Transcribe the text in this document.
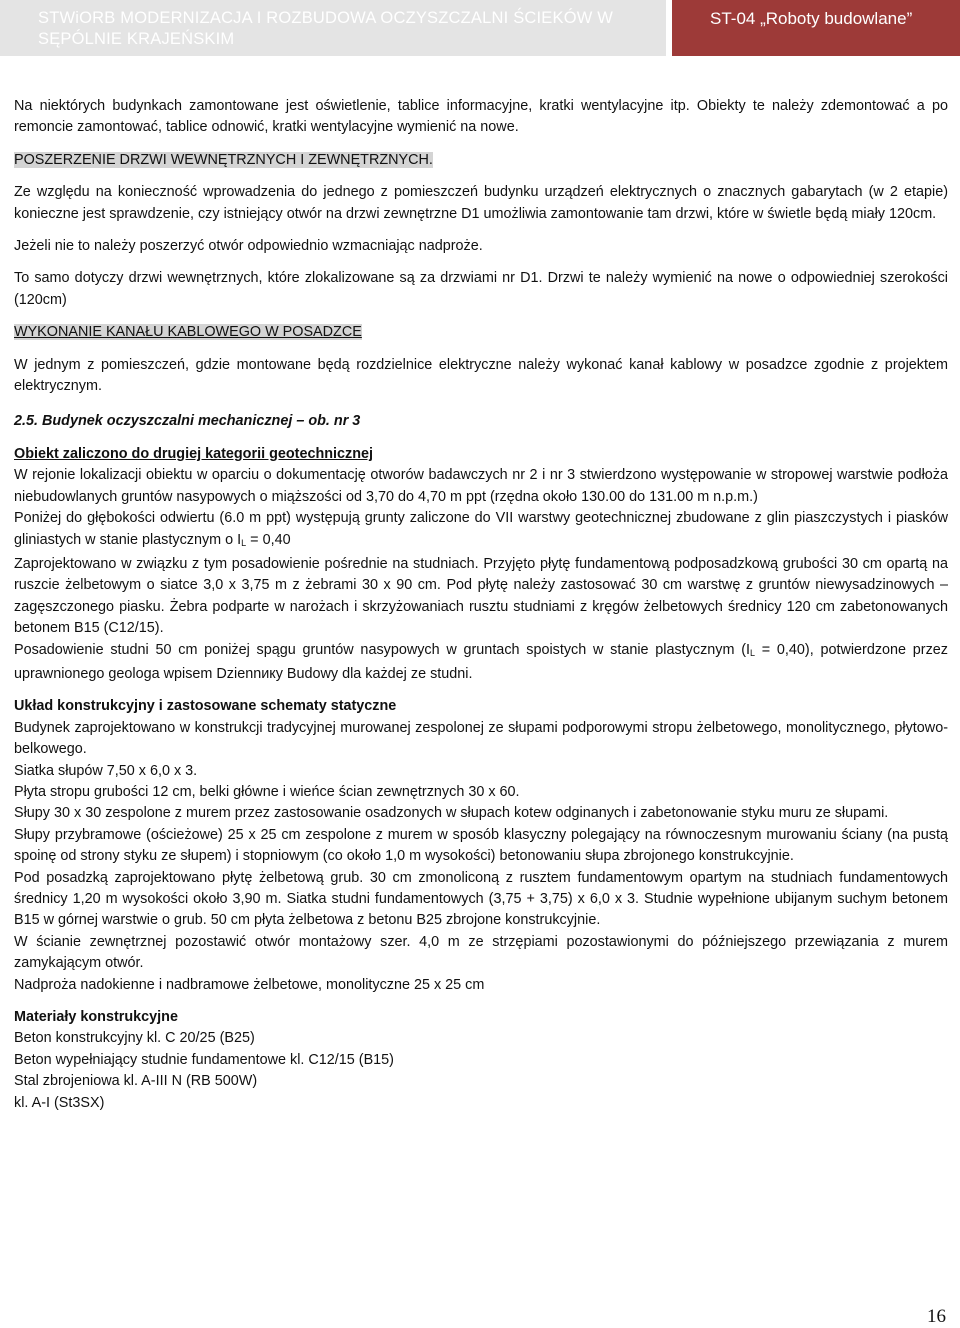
STWiORB MODERNIZACJA I ROZBUDOWA OCZYSZCZALNI ŚCIEKÓW W
SĘPÓLNIE KRAJEŃSKIM
ST-04 „Roboty budowlane”

Na niektórych budynkach zamontowane jest oświetlenie, tablice informacyjne, kratki wentylacyjne itp. Obiekty te należy zdemontować a po remoncie zamontować, tablice odnowić, kratki wentylacyjne wymienić na nowe.

POSZERZENIE DRZWI WEWNĘTRZNYCH I ZEWNĘTRZNYCH.

Ze względu na konieczność wprowadzenia do jednego z pomieszczeń budynku urządzeń elektrycznych o znacznych gabarytach (w 2 etapie) konieczne jest sprawdzenie, czy istniejący otwór na drzwi zewnętrzne D1 umożliwia zamontowanie tam drzwi, które w świetle będą miały 120cm.

Jeżeli nie to należy poszerzyć otwór odpowiednio wzmacniając nadproże.

To samo dotyczy drzwi wewnętrznych, które zlokalizowane są za drzwiami nr D1. Drzwi te należy wymienić na nowe o odpowiedniej szerokości (120cm)

WYKONANIE KANAŁU KABLOWEGO W POSADZCE

W jednym z pomieszczeń, gdzie montowane będą rozdzielnice elektryczne należy wykonać kanał kablowy w posadzce zgodnie z projektem elektrycznym.

2.5. Budynek oczyszczalni mechanicznej – ob. nr 3

Obiekt zaliczono do drugiej kategorii geotechnicznej

W rejonie lokalizacji obiektu w oparciu o dokumentację otworów badawczych nr 2 i nr 3 stwierdzono występowanie w stropowej warstwie podłoża niebudowlanych gruntów nasypowych o miąższości od 3,70 do 4,70 m ppt (rzędna około 130.00 do 131.00 m n.p.m.)

Poniżej do głębokości odwiertu (6.0 m ppt) występują grunty zaliczone do VII warstwy geotechnicznej zbudowane z glin piaszczystych i piasków gliniastych w stanie plastycznym o $I_L = 0,40$

Zaprojektowano w związku z tym posadowienie pośrednie na studniach. Przyjęto płytę fundamentową podposadzkową grubości 30 cm opartą na ruszcie żelbetowym o siatce 3,0 x 3,75 m z żebrami 30 x 90 cm. Pod płytę należy zastosować 30 cm warstwę z gruntów niewysadzinowych – zagęszczonego piasku. Żebra podparte w narożach i skrzyżowaniach rusztu studniami z kręgów żelbetowych średnicy 120 cm zabetonowanych betonem B15 (C12/15).

Posadowienie studni 50 cm poniżej spągu gruntów nasypowych w gruntach spoistych w stanie plastycznym $(I_L = 0,40)$, potwierdzone przez uprawnionego geologa wpisem Dziennику Budowy dla każdej ze studni.

Układ konstrukcyjny i zastosowane schematy statyczne

Budynek zaprojektowano w konstrukcji tradycyjnej murowanej zespolonej ze słupami podporowymi stropu żelbetowego, monolitycznego, płytowo-belkowego.

Siatka słupów 7,50 x 6,0 x 3.

Płyta stropu grubości 12 cm, belki główne i wieńce ścian zewnętrznych 30 x 60.

Słupy 30 x 30 zespolone z murem przez zastosowanie osadzonych w słupach kotew odginanych i zabetonowanie styku muru ze słupami.

Słupy przybramowe (ościeżowe) 25 x 25 cm zespolone z murem w sposób klasyczny polegający na równoczesnym murowaniu ściany (na pustą spoinę od strony styku ze słupem) i stopniowym (co około 1,0 m wysokości) betonowaniu słupa zbrojonego konstrukcyjnie.

Pod posadzką zaprojektowano płytę żelbetową grub. 30 cm zmonoliconą z rusztem fundamentowym opartym na studniach fundamentowych średnicy 1,20 m wysokości około 3,90 m. Siatka studni fundamentowych (3,75 + 3,75) x 6,0 x 3. Studnie wypełnione ubijanym suchym betonem B15 w górnej warstwie o grub. 50 cm płyta żelbetowa z betonu B25 zbrojone konstrukcyjnie.

W ścianie zewnętrznej pozostawić otwór montażowy szer. 4,0 m ze strzępiami pozostawionymi do późniejszego przewiązania z murem zamykającym otwór.

Nadproża nadokienne i nadbramowe żelbetowe, monolityczne 25 x 25 cm

Materiały konstrukcyjne

Beton konstrukcyjny kl. C 20/25 (B25)

Beton wypełniający studnie fundamentowe kl. C12/15 (B15)

Stal zbrojeniowa kl. A-III N (RB 500W)

kl. A-I (St3SX)

16
